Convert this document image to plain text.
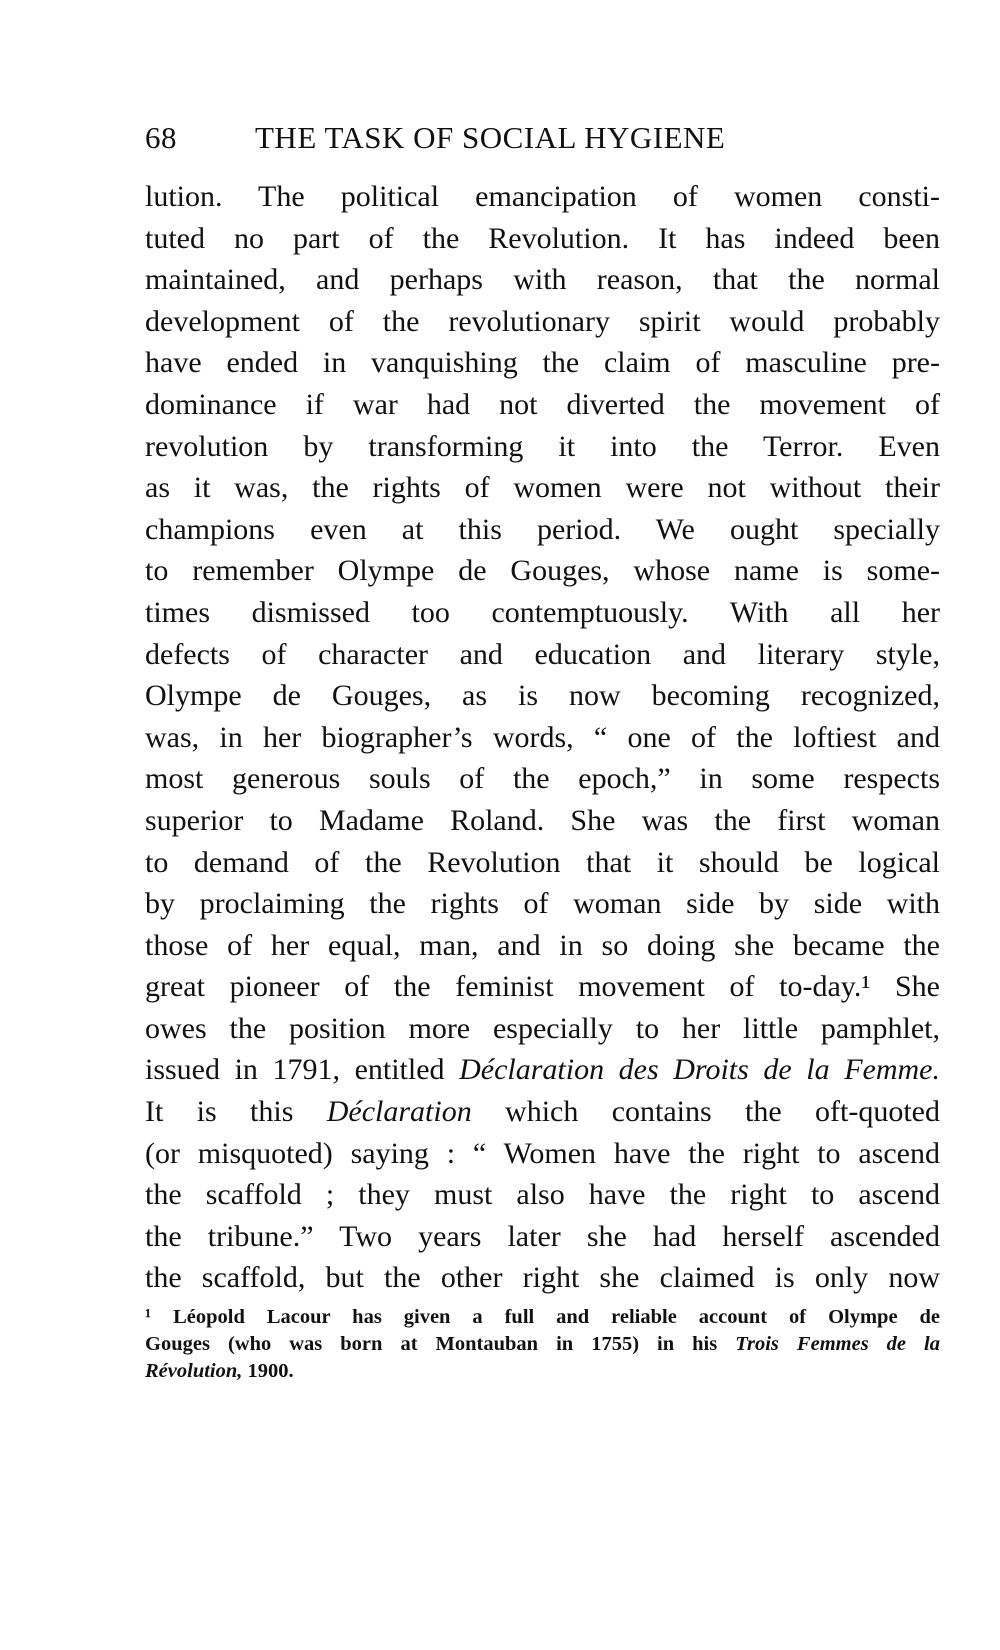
68	THE TASK OF SOCIAL HYGIENE
lution. The political emancipation of women consti-
tuted no part of the Revolution. It has indeed been
maintained, and perhaps with reason, that the normal
development of the revolutionary spirit would probably
have ended in vanquishing the claim of masculine pre-
dominance if war had not diverted the movement of
revolution by transforming it into the Terror. Even
as it was, the rights of women were not without their
champions even at this period. We ought specially
to remember Olympe de Gouges, whose name is some-
times dismissed too contemptuously. With all her
defects of character and education and literary style,
Olympe de Gouges, as is now becoming recognized,
was, in her biographer’s words, “ one of the loftiest and
most generous souls of the epoch,” in some respects
superior to Madame Roland. She was the first woman
to demand of the Revolution that it should be logical
by proclaiming the rights of woman side by side with
those of her equal, man, and in so doing she became the
great pioneer of the feminist movement of to-day.¹ She
owes the position more especially to her little pamphlet,
issued in 1791, entitled Déclaration des Droits de la Femme.
It is this Déclaration which contains the oft-quoted
(or misquoted) saying : “ Women have the right to ascend
the scaffold ; they must also have the right to ascend
the tribune.” Two years later she had herself ascended
the scaffold, but the other right she claimed is only now
¹ Léopold Lacour has given a full and reliable account of Olympe de
Gouges (who was born at Montauban in 1755) in his Trois Femmes de la
Révolution, 1900.
